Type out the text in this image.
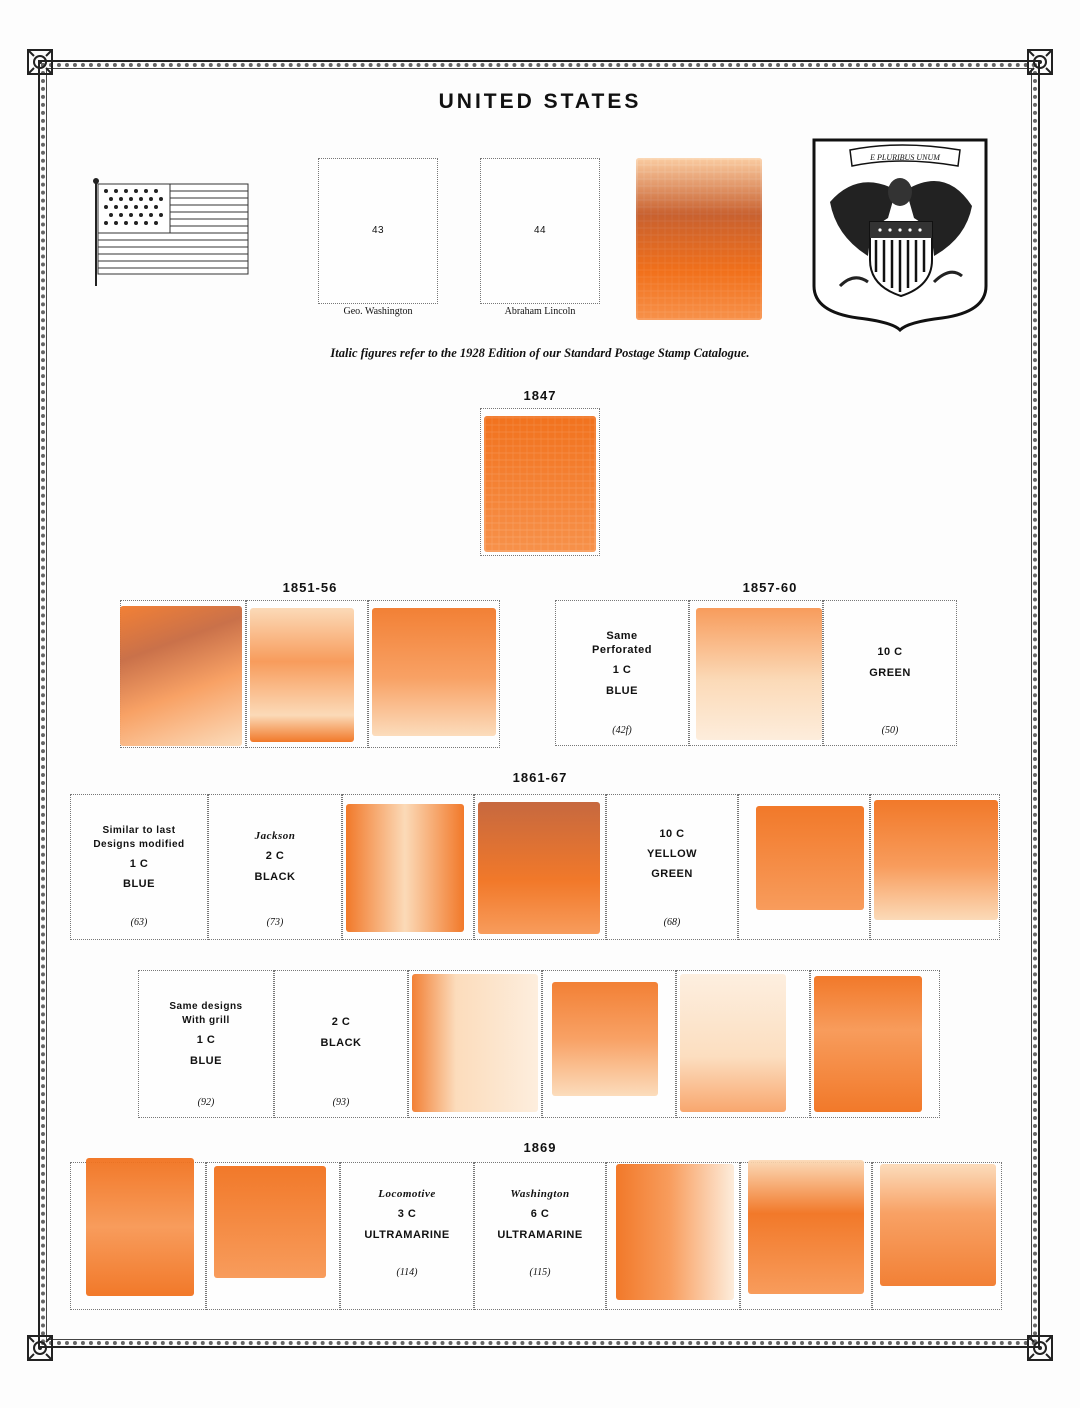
UNITED STATES
43
Geo. Washington
44
Abraham Lincoln
E PLURIBUS UNUM
Italic figures refer to the 1928 Edition of our Standard Postage Stamp Catalogue.
1847
1851-56	1857-60
1861-67
1869
Same
Perforated
1 C
BLUE
(42f)
10 C
GREEN
(50)
Similar to last
Designs modified
1 C
BLUE
(63)
Jackson
2 C
BLACK
(73)
10 C
YELLOW
GREEN
(68)
Same designs
With grill
1 C
BLUE
(92)
2 C
BLACK
(93)
Locomotive
3 C
ULTRAMARINE
(114)
Washington
6 C
ULTRAMARINE
(115)
